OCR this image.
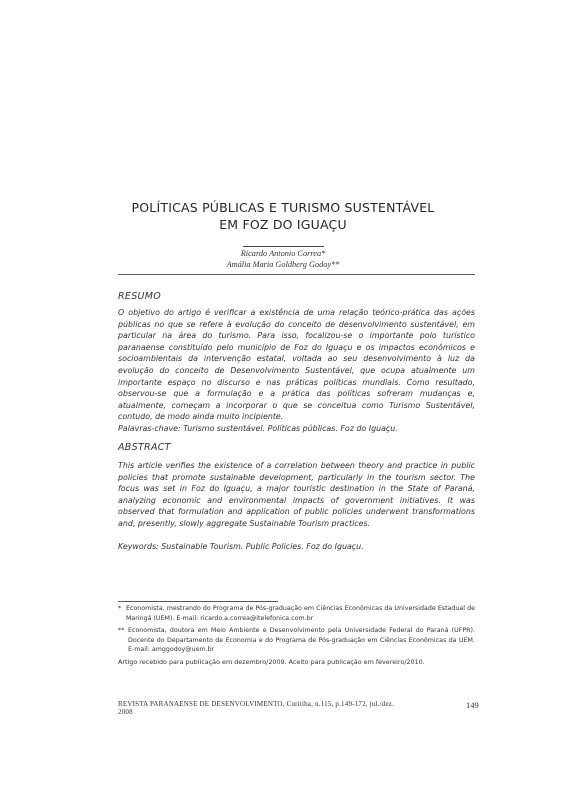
POLÍTICAS PÚBLICAS E TURISMO SUSTENTÁVEL
EM FOZ DO IGUAÇU
Ricardo Antonio Correa*
Amália Maria Goldberg Godoy**
RESUMO

O objetivo do artigo é verificar a existência de uma relação teórico-prática das ações públicas no que se refere à evolução do conceito de desenvolvimento sustentável, em particular na área do turismo. Para isso, focalizou-se o importante polo turístico paranaense constituído pelo município de Foz do Iguaçu e os impactos econômicos e socioambientais da intervenção estatal, voltada ao seu desenvolvimento à luz da evolução do conceito de Desenvolvimento Sustentável, que ocupa atualmente um importante espaço no discurso e nas práticas políticas mundiais. Como resultado, observou-se que a formulação e a prática das políticas sofreram mudanças e, atualmente, começam a incorporar o que se conceitua como Turismo Sustentável, contudo, de modo ainda muito incipiente.

Palavras-chave: Turismo sustentável. Políticas públicas. Foz do Iguaçu.

ABSTRACT

This article verifies the existence of a correlation between theory and practice in public policies that promote sustainable development, particularly in the tourism sector. The focus was set in Foz do Iguaçu, a major touristic destination in the State of Paraná, analyzing economic and environmental impacts of government initiatives. It was observed that formulation and application of public policies underwent transformations and, presently, slowly aggregate Sustainable Tourism practices.

Keywords: Sustainable Tourism. Public Policies. Foz do Iguaçu.

* Economista, mestrando do Programa de Pós-graduação em Ciências Econômicas da Universidade Estadual de Maringá (UEM). E-mail: ricardo.a.correa@itelefonica.com.br
** Economista, doutora em Meio Ambiente e Desenvolvimento pela Universidade Federal do Paraná (UFPR). Docente do Departamento de Economia e do Programa de Pós-graduação em Ciências Econômicas da UEM. E-mail: amggodoy@uem.br
Artigo recebido para publicação em dezembro/2009. Aceito para publicação em fevereiro/2010.
REVISTA PARANAENSE DE DESENVOLVIMENTO, Curitiba, n.115, p.149-172, jul./dez. 2008
149
